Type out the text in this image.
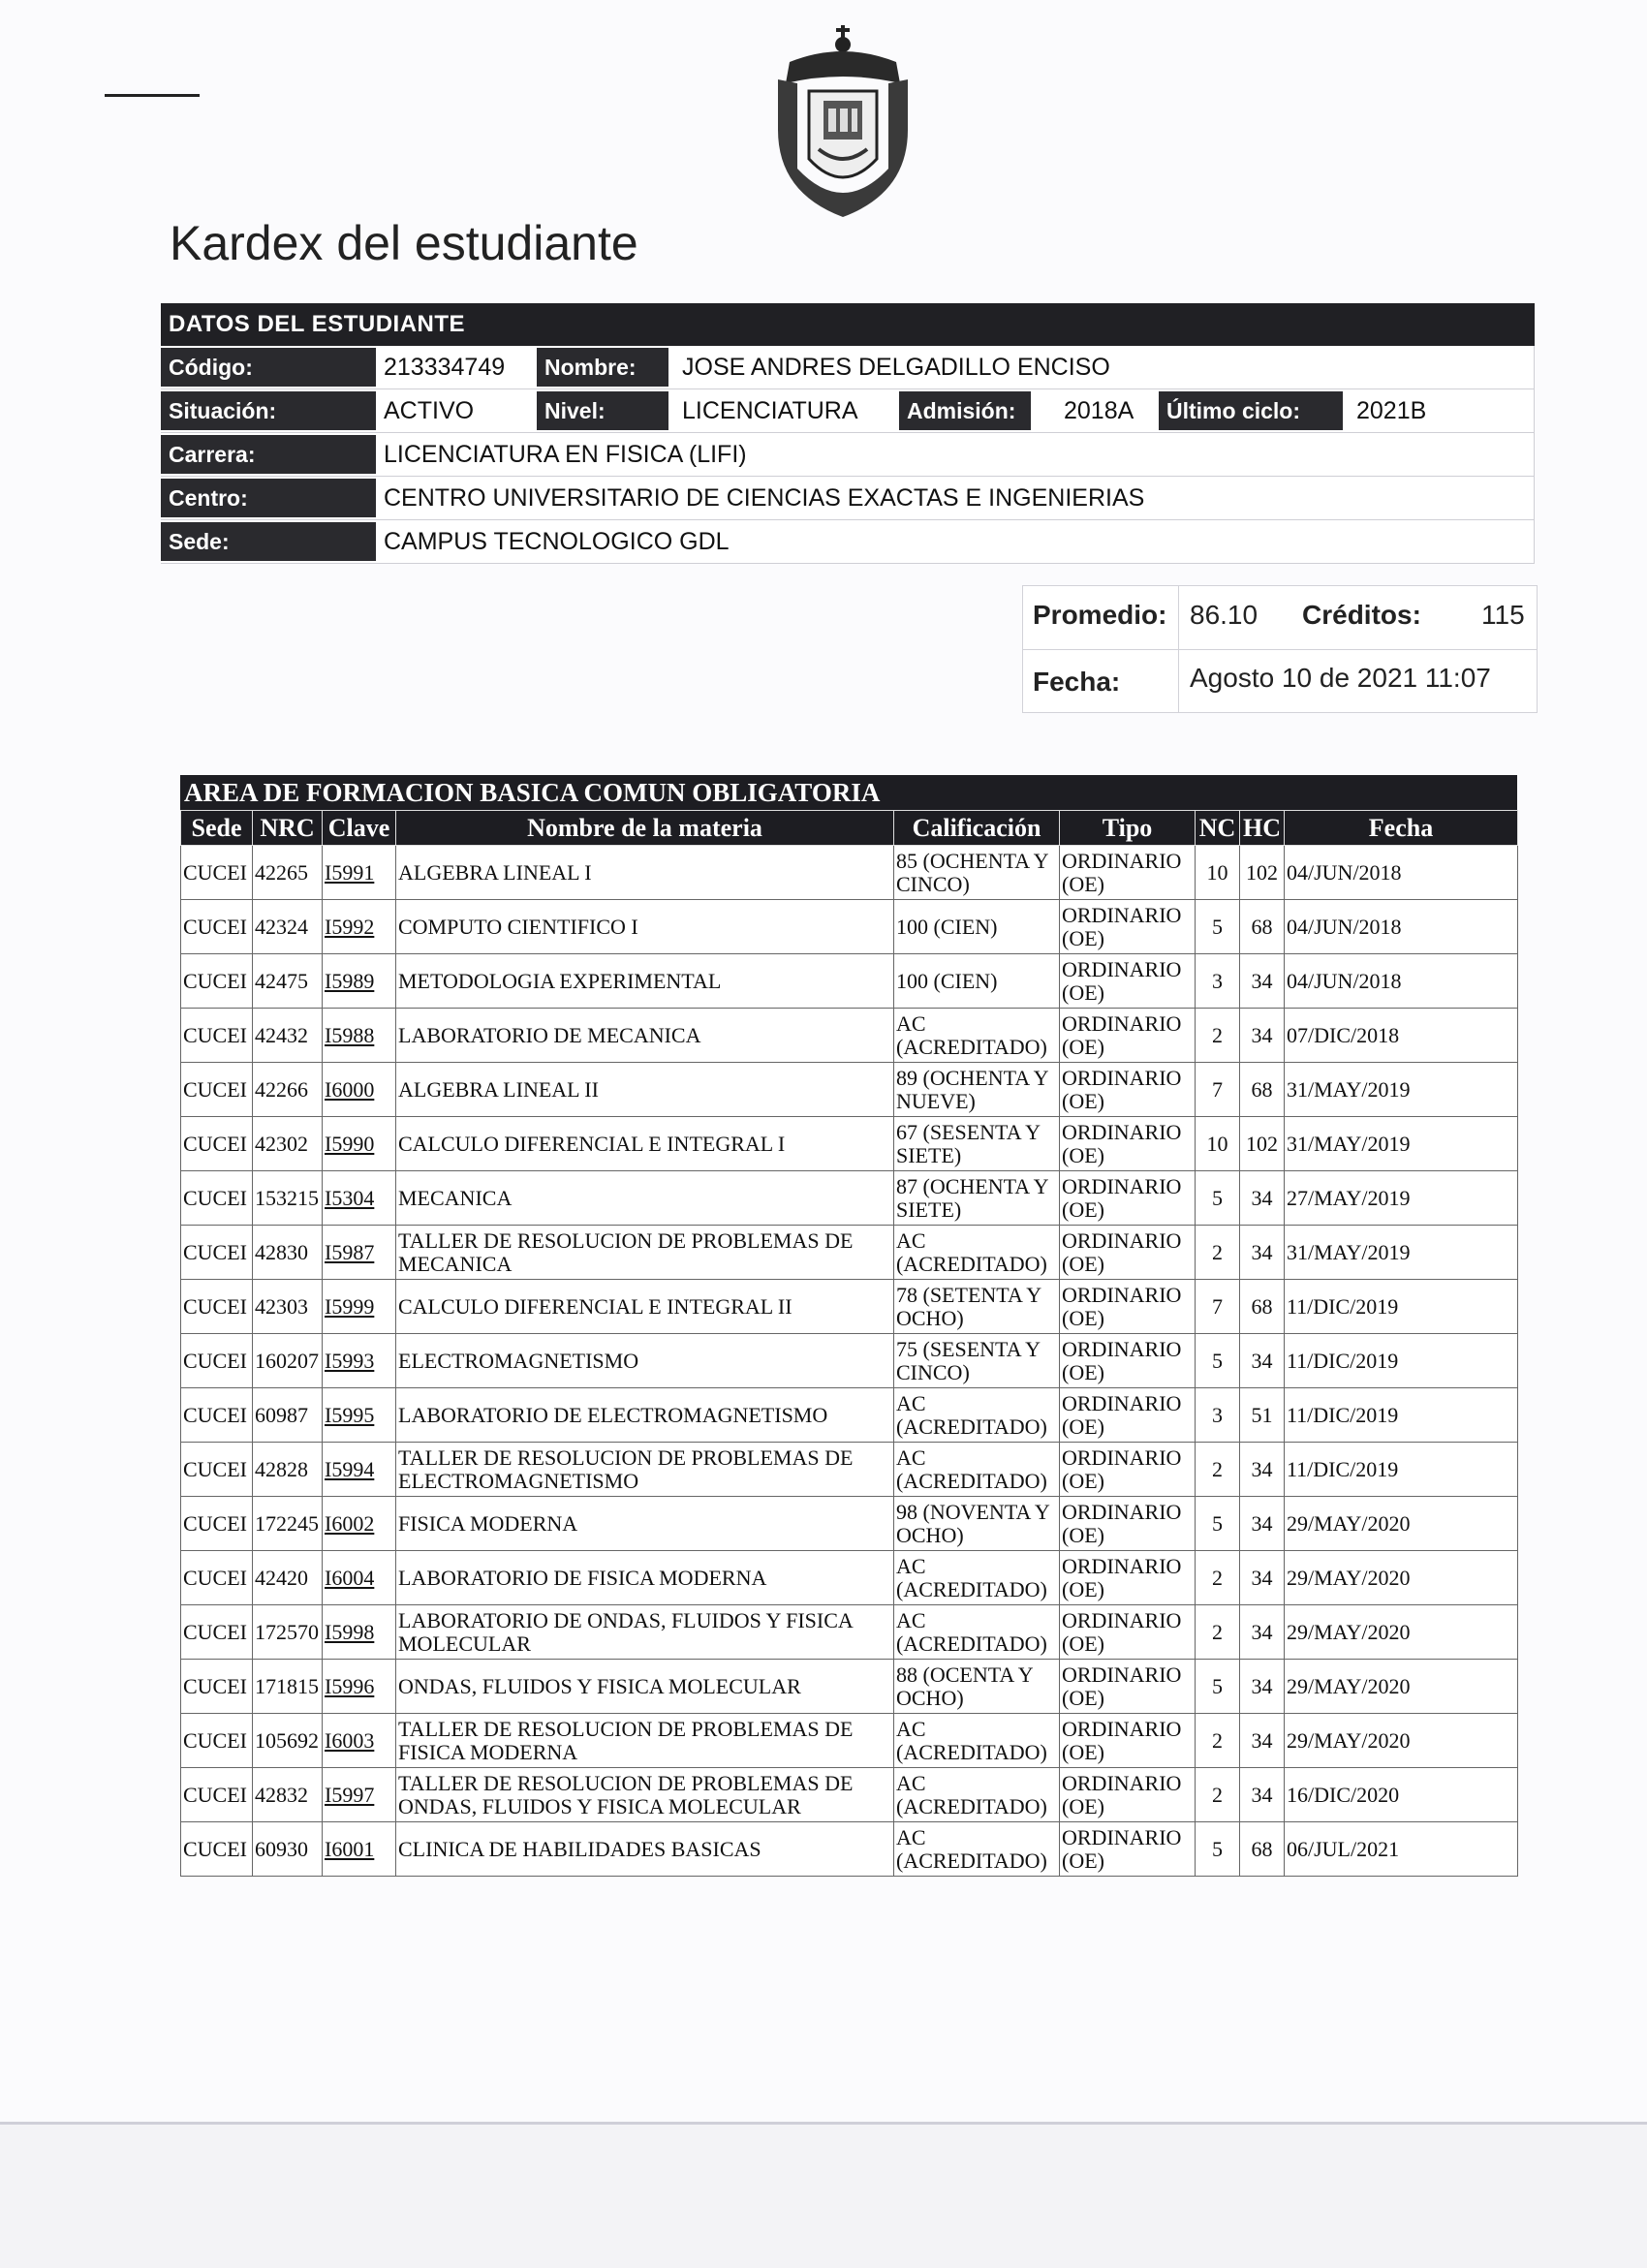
Kardex del estudiante
DATOS DEL ESTUDIANTE
Código:	213334749	Nombre:	JOSE ANDRES DELGADILLO ENCISO
Situación:	ACTIVO	Nivel:	LICENCIATURA	Admisión:	2018A	Último ciclo:	2021B
Carrera:	LICENCIATURA EN FISICA (LIFI)
Centro:	CENTRO UNIVERSITARIO DE CIENCIAS EXACTAS E INGENIERIAS
Sede:	CAMPUS TECNOLOGICO GDL
Promedio: 86.10 Créditos: 115
Fecha:	Agosto 10 de 2021 11:07
AREA DE FORMACION BASICA COMUN OBLIGATORIA
Sede	NRC	Clave	Nombre de la materia	Calificación	Tipo	NC	HC	Fecha
CUCEI	42265	I5991	ALGEBRA LINEAL I	85 (OCHENTA Y CINCO)	ORDINARIO (OE)	10	102	04/JUN/2018
CUCEI	42324	I5992	COMPUTO CIENTIFICO I	100 (CIEN)	ORDINARIO (OE)	5	68	04/JUN/2018
CUCEI	42475	I5989	METODOLOGIA EXPERIMENTAL	100 (CIEN)	ORDINARIO (OE)	3	34	04/JUN/2018
CUCEI	42432	I5988	LABORATORIO DE MECANICA	AC (ACREDITADO)	ORDINARIO (OE)	2	34	07/DIC/2018
CUCEI	42266	I6000	ALGEBRA LINEAL II	89 (OCHENTA Y NUEVE)	ORDINARIO (OE)	7	68	31/MAY/2019
CUCEI	42302	I5990	CALCULO DIFERENCIAL E INTEGRAL I	67 (SESENTA Y SIETE)	ORDINARIO (OE)	10	102	31/MAY/2019
CUCEI	153215	I5304	MECANICA	87 (OCHENTA Y SIETE)	ORDINARIO (OE)	5	34	27/MAY/2019
CUCEI	42830	I5987	TALLER DE RESOLUCION DE PROBLEMAS DE MECANICA	AC (ACREDITADO)	ORDINARIO (OE)	2	34	31/MAY/2019
CUCEI	42303	I5999	CALCULO DIFERENCIAL E INTEGRAL II	78 (SETENTA Y OCHO)	ORDINARIO (OE)	7	68	11/DIC/2019
CUCEI	160207	I5993	ELECTROMAGNETISMO	75 (SESENTA Y CINCO)	ORDINARIO (OE)	5	34	11/DIC/2019
CUCEI	60987	I5995	LABORATORIO DE ELECTROMAGNETISMO	AC (ACREDITADO)	ORDINARIO (OE)	3	51	11/DIC/2019
CUCEI	42828	I5994	TALLER DE RESOLUCION DE PROBLEMAS DE ELECTROMAGNETISMO	AC (ACREDITADO)	ORDINARIO (OE)	2	34	11/DIC/2019
CUCEI	172245	I6002	FISICA MODERNA	98 (NOVENTA Y OCHO)	ORDINARIO (OE)	5	34	29/MAY/2020
CUCEI	42420	I6004	LABORATORIO DE FISICA MODERNA	AC (ACREDITADO)	ORDINARIO (OE)	2	34	29/MAY/2020
CUCEI	172570	I5998	LABORATORIO DE ONDAS, FLUIDOS Y FISICA MOLECULAR	AC (ACREDITADO)	ORDINARIO (OE)	2	34	29/MAY/2020
CUCEI	171815	I5996	ONDAS, FLUIDOS Y FISICA MOLECULAR	88 (OCENTA Y OCHO)	ORDINARIO (OE)	5	34	29/MAY/2020
CUCEI	105692	I6003	TALLER DE RESOLUCION DE PROBLEMAS DE FISICA MODERNA	AC (ACREDITADO)	ORDINARIO (OE)	2	34	29/MAY/2020
CUCEI	42832	I5997	TALLER DE RESOLUCION DE PROBLEMAS DE ONDAS, FLUIDOS Y FISICA MOLECULAR	AC (ACREDITADO)	ORDINARIO (OE)	2	34	16/DIC/2020
CUCEI	60930	I6001	CLINICA DE HABILIDADES BASICAS	AC (ACREDITADO)	ORDINARIO (OE)	5	68	06/JUL/2021
